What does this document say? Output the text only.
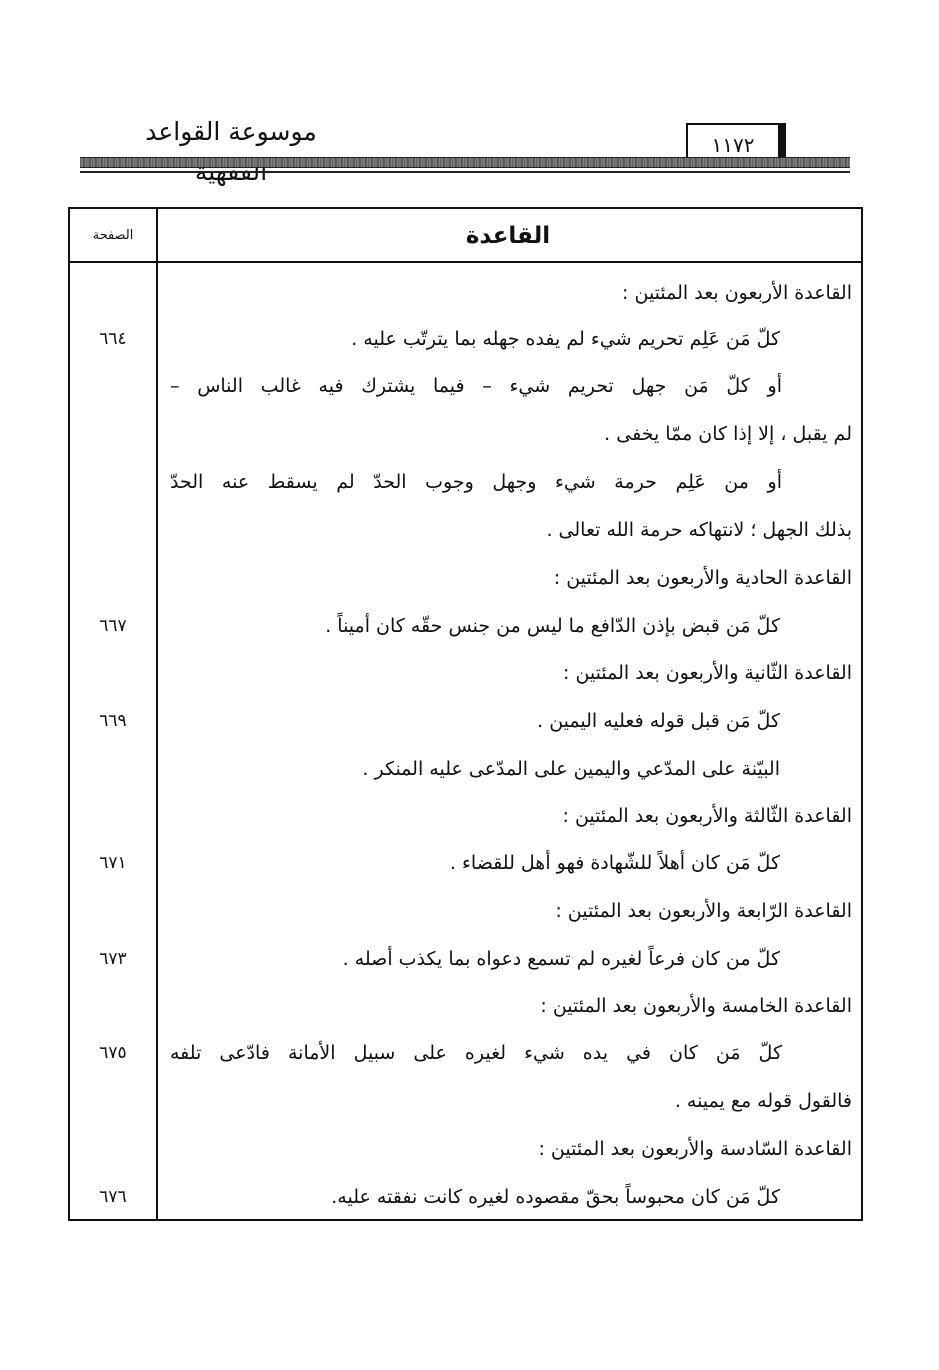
موسوعة القواعد	١١٧٢
القاعدة
الصفحة
القاعدة الأربعون بعد المئتين :
كلّ مَن عَلِم تحريم شيء لم يفده جهله بما يترتّب عليه .
٦٦٤
أو كلّ مَن جهل تحريم شيء – فيما يشترك فيه غالب الناس –
لم يقبل ، إلا إذا كان ممّا يخفى .
أو من عَلِم حرمة شيء وجهل وجوب الحدّ لم يسقط عنه الحدّ
بذلك الجهل ؛ لانتهاكه حرمة الله تعالى .
القاعدة الحادية والأربعون بعد المئتين :
كلّ مَن قبض بإذن الدّافع ما ليس من جنس حقّه كان أميناً .
٦٦٧
القاعدة الثّانية والأربعون بعد المئتين :
كلّ مَن قبل قوله فعليه اليمين .
٦٦٩
البيّنة على المدّعي واليمين على المدّعى عليه المنكر .
القاعدة الثّالثة والأربعون بعد المئتين :
كلّ مَن كان أهلاً للشّهادة فهو أهل للقضاء .
٦٧١
القاعدة الرّابعة والأربعون بعد المئتين :
كلّ من كان فرعاً لغيره لم تسمع دعواه بما يكذب أصله .
٦٧٣
القاعدة الخامسة والأربعون بعد المئتين :
كلّ مَن كان في يده شيء لغيره على سبيل الأمانة فادّعى تلفه
٦٧٥
فالقول قوله مع يمينه .
القاعدة السّادسة والأربعون بعد المئتين :
كلّ مَن كان محبوساً بحقّ مقصوده لغيره كانت نفقته عليه.
٦٧٦
